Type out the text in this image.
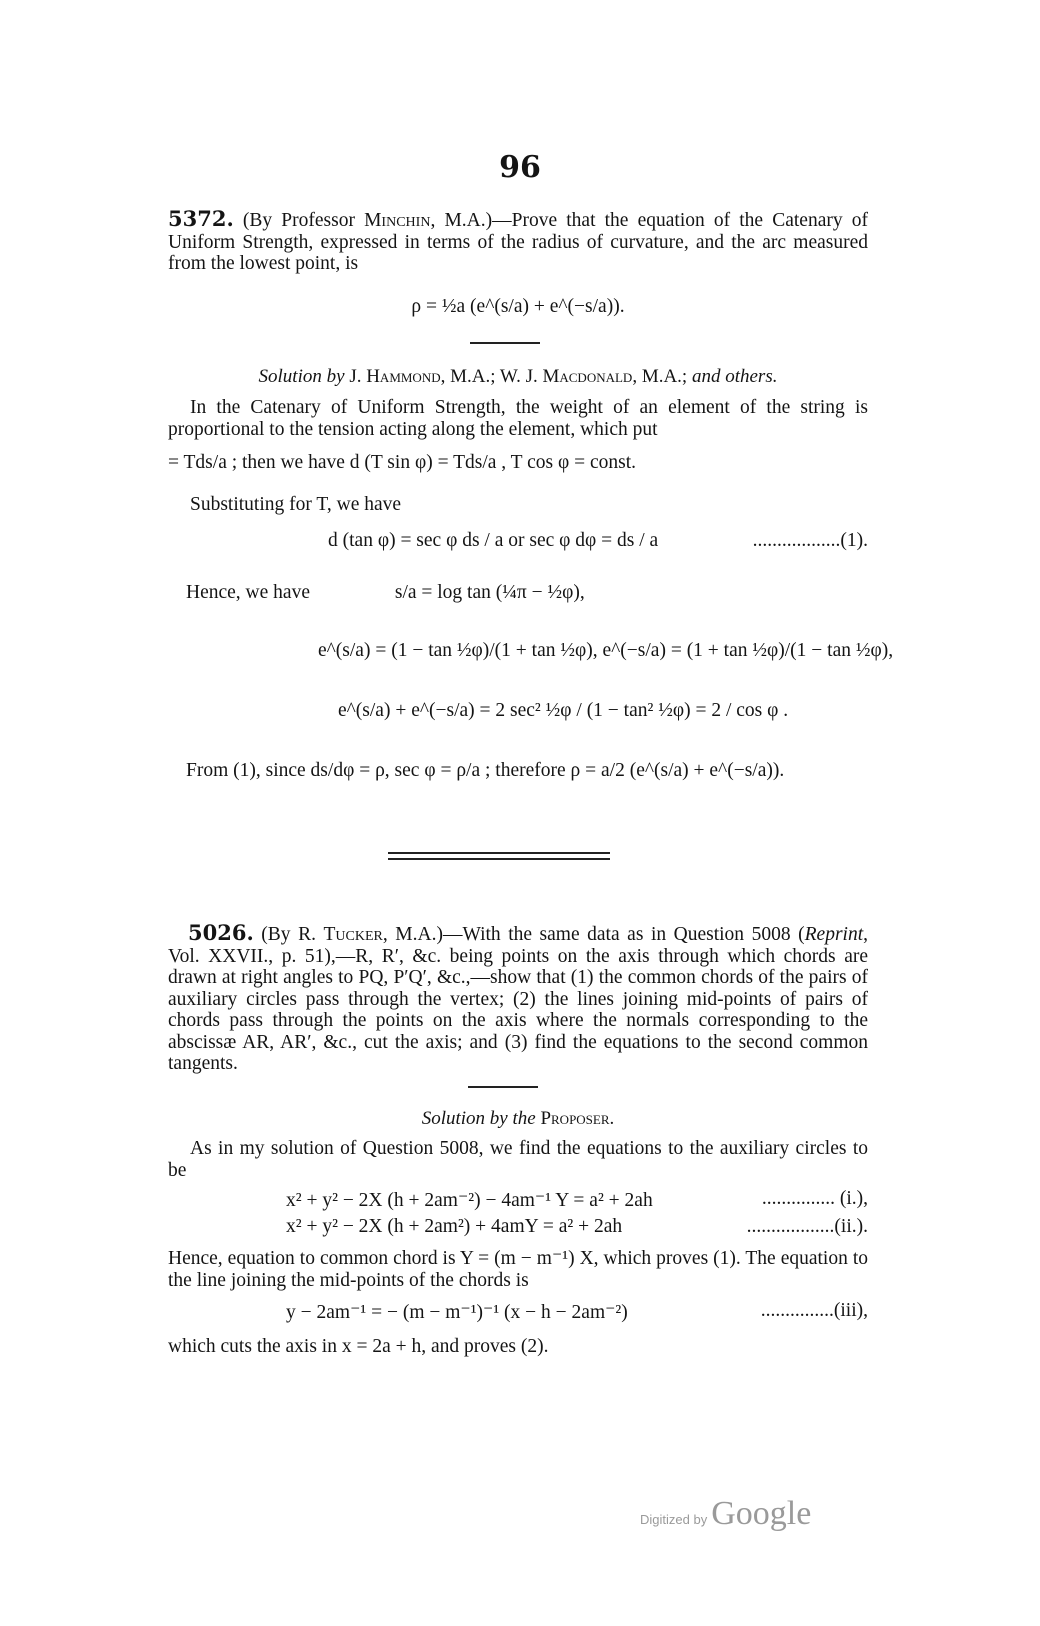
96
5372. (By Professor Minchin, M.A.)—Prove that the equation of the Catenary of Uniform Strength, expressed in terms of the radius of curvature, and the arc measured from the lowest point, is
ρ = ½a (e^(s/a) + e^(−s/a)).
Solution by J. Hammond, M.A.; W. J. Macdonald, M.A.; and others.
In the Catenary of Uniform Strength, the weight of an element of the string is proportional to the tension acting along the element, which put
= Tds/a ; then we have d (T sin φ) = Tds/a , T cos φ = const.
Substituting for T, we have
d (tan φ) = sec φ ds / a or sec φ dφ = ds / a	..................(1).
Hence, we have	s/a = log tan (¼π − ½φ),
e^(s/a) = (1 − tan ½φ)/(1 + tan ½φ), e^(−s/a) = (1 + tan ½φ)/(1 − tan ½φ),
e^(s/a) + e^(−s/a) = 2 sec² ½φ / (1 − tan² ½φ) = 2 / cos φ .
From (1), since ds/dφ = ρ, sec φ = ρ/a ; therefore ρ = a/2 (e^(s/a) + e^(−s/a)).
5026. (By R. Tucker, M.A.)—With the same data as in Question 5008 (Reprint, Vol. XXVII., p. 51),—R, R′, &c. being points on the axis through which chords are drawn at right angles to PQ, P′Q′, &c.,—show that (1) the common chords of the pairs of auxiliary circles pass through the vertex; (2) the lines joining mid-points of pairs of chords pass through the points on the axis where the normals corresponding to the abscissæ AR, AR′, &c., cut the axis; and (3) find the equations to the second common tangents.
Solution by the Proposer.
As in my solution of Question 5008, we find the equations to the auxiliary circles to be
x² + y² − 2X (h + 2am⁻²) − 4am⁻¹ Y = a² + 2ah	............... (i.),
x² + y² − 2X (h + 2am²) + 4amY = a² + 2ah	..................(ii.).
Hence, equation to common chord is Y = (m − m⁻¹) X, which proves (1). The equation to the line joining the mid-points of the chords is
y − 2am⁻¹ = − (m − m⁻¹)⁻¹ (x − h − 2am⁻²)	...............(iii),
which cuts the axis in x = 2a + h, and proves (2).
Digitized by Google
